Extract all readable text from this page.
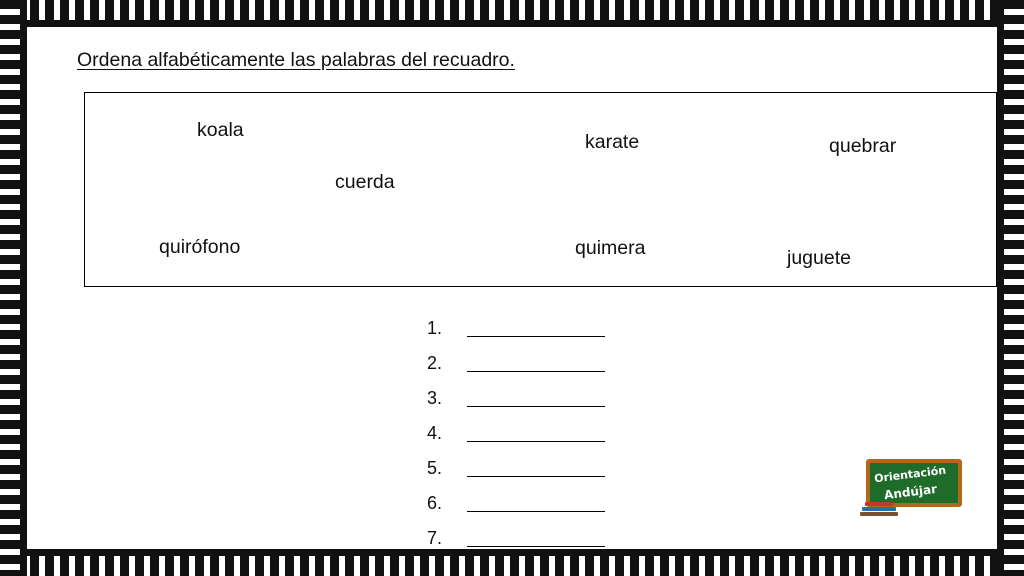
Ordena alfabéticamente las palabras del recuadro.
koala
karate	quebrar
cuerda
quirófono	quimera	juguete
1.
2.
3.
4.
5.
6.
7.
Orientación
Andújar
